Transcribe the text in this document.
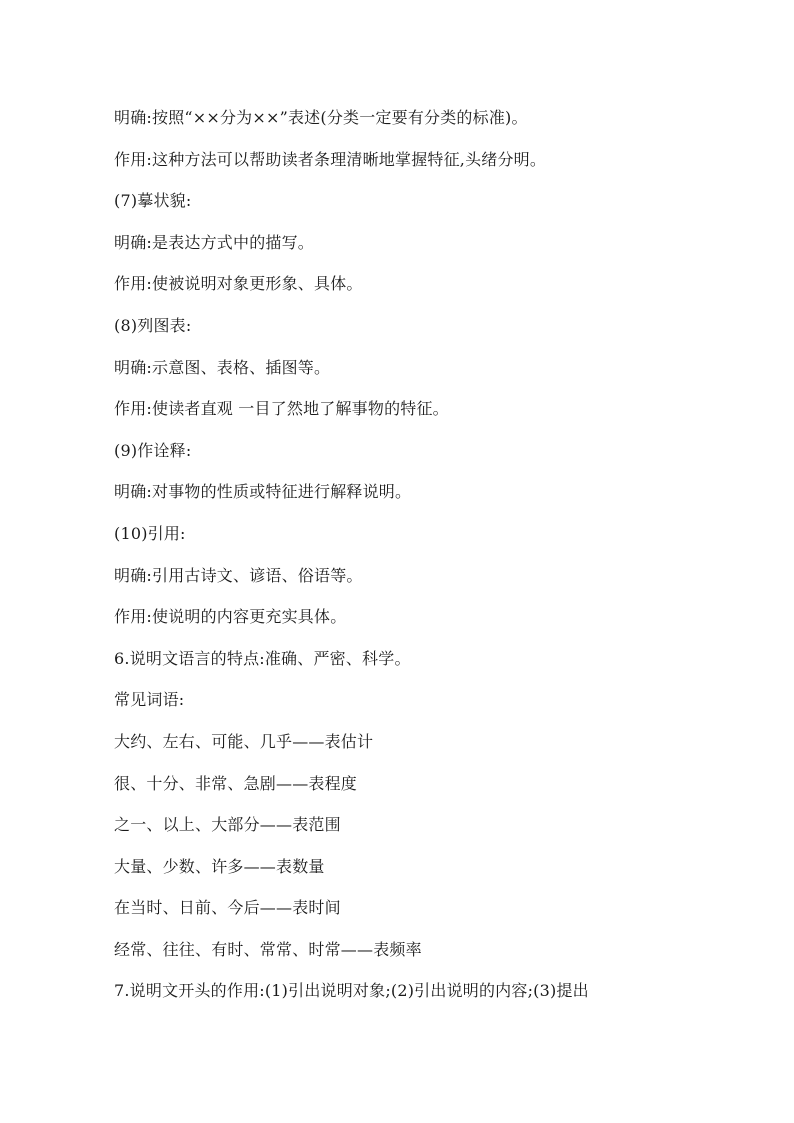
明确:按照“××分为××”表述(分类一定要有分类的标准)。
作用:这种方法可以帮助读者条理清晰地掌握特征,头绪分明。
(7)摹状貌:
明确:是表达方式中的描写。
作用:使被说明对象更形象、具体。
(8)列图表:
明确:示意图、表格、插图等。
作用:使读者直观 一目了然地了解事物的特征。
(9)作诠释:
明确:对事物的性质或特征进行解释说明。
(10)引用:
明确:引用古诗文、谚语、俗语等。
作用:使说明的内容更充实具体。
6.说明文语言的特点:准确、严密、科学。
常见词语:
大约、左右、可能、几乎——表估计
很、十分、非常、急剧——表程度
之一、以上、大部分——表范围
大量、少数、许多——表数量
在当时、日前、今后——表时间
经常、往往、有时、常常、时常——表频率
7.说明文开头的作用:(1)引出说明对象;(2)引出说明的内容;(3)提出
